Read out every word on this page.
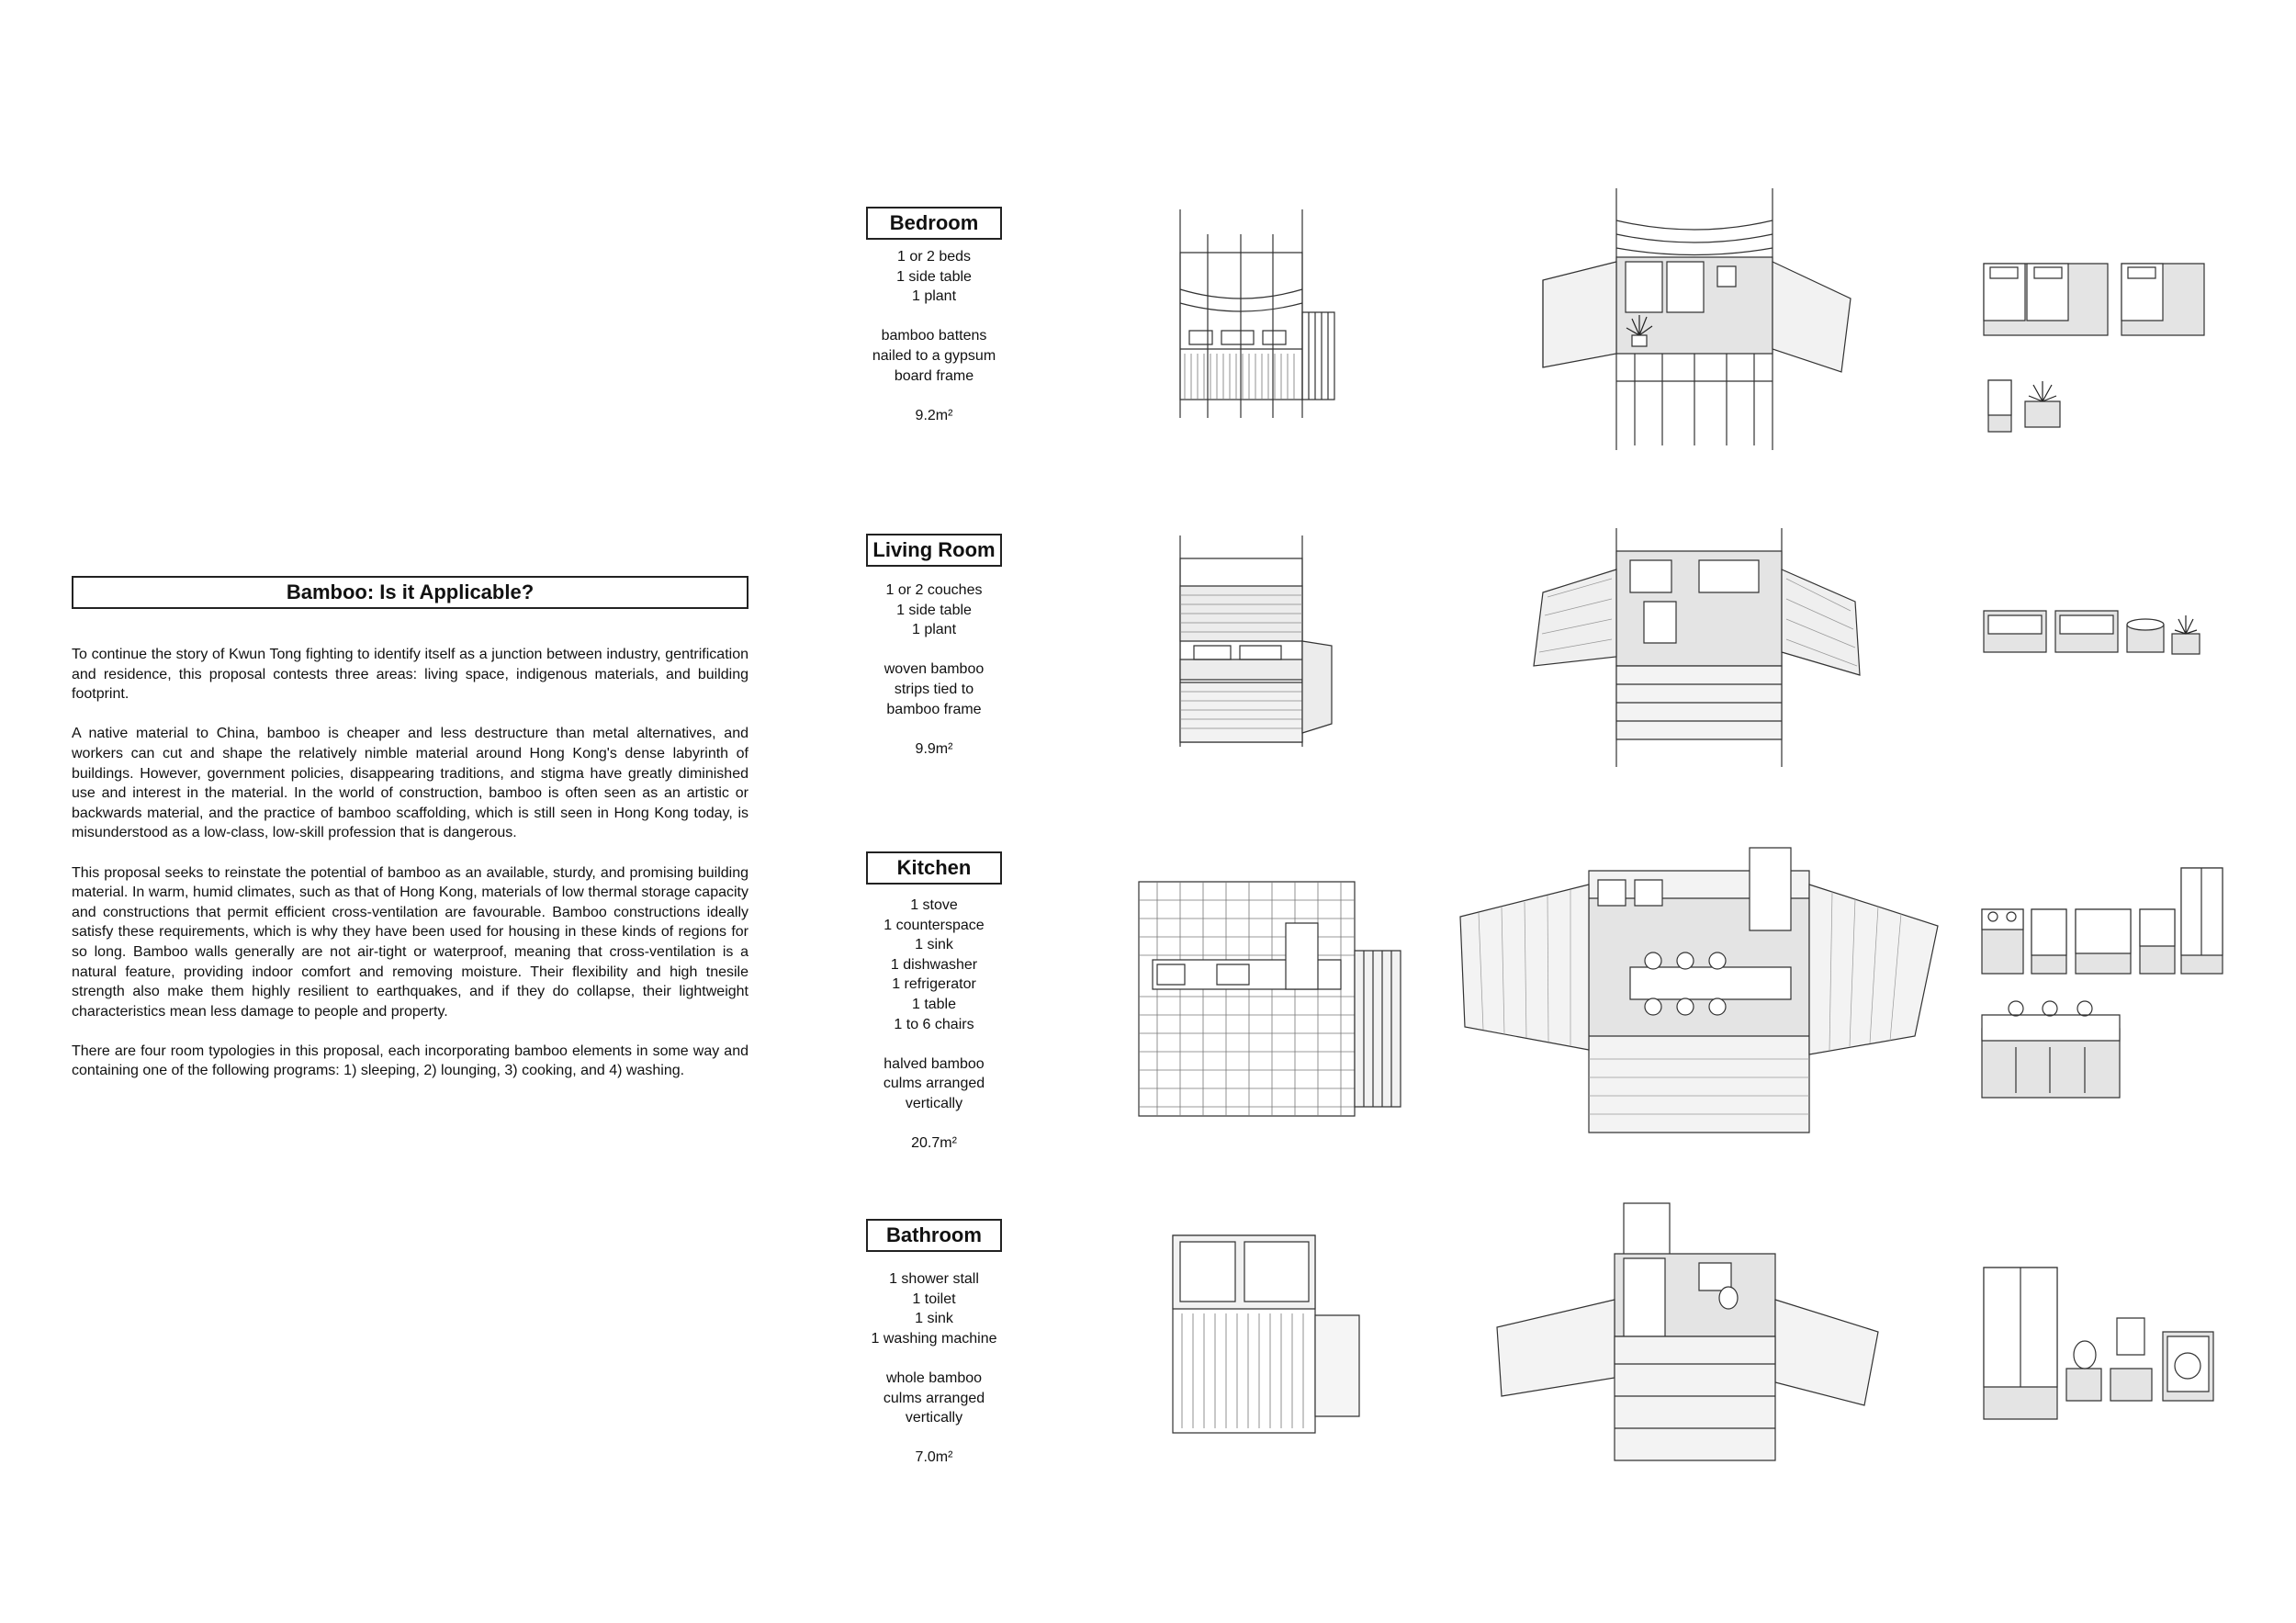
Bamboo: Is it Applicable?

To continue the story of Kwun Tong fighting to identify itself as a junction between industry, gentrification and residence, this proposal contests three areas: living space, indigenous materials, and building footprint.

A native material to China, bamboo is cheaper and less destructure than metal alternatives, and workers can cut and shape the relatively nimble material around Hong Kong's dense labyrinth of buildings. However, government policies, disappearing traditions, and stigma have greatly diminished use and interest in the material. In the world of construction, bamboo is often seen as an artistic or backwards material, and the practice of bamboo scaffolding, which is still seen in Hong Kong today, is misunderstood as a low-class, low-skill profession that is dangerous.

This proposal seeks to reinstate the potential of bamboo as an available, sturdy, and promising building material. In warm, humid climates, such as that of Hong Kong, materials of low thermal storage capacity and constructions that permit efficient cross-ventilation are favourable. Bamboo constructions ideally satisfy these requirements, which is why they have been used for housing in these kinds of regions for so long. Bamboo walls generally are not air-tight or waterproof, meaning that cross-ventilation is a natural feature, providing indoor comfort and removing moisture. Their flexibility and high tnesile strength also make them highly resilient to earthquakes, and if they do collapse, their lightweight characteristics mean less damage to people and property.

There are four room typologies in this proposal, each incorporating bamboo elements in some way and containing one of the following programs: 1) sleeping, 2) lounging, 3) cooking, and 4) washing.

Bedroom
1 or 2 beds
1 side table
1 plant
bamboo battens
nailed to a gypsum
board frame
9.2m²
Living Room
1 or 2 couches
1 side table
1 plant
woven bamboo
strips tied to
bamboo frame
9.9m²
Kitchen
1 stove
1 counterspace
1 sink
1 dishwasher
1 refrigerator
1 table
1 to 6 chairs
halved bamboo
culms arranged
vertically
20.7m²
Bathroom
1 shower stall
1 toilet
1 sink
1 washing machine
whole bamboo
culms arranged
vertically
7.0m²
